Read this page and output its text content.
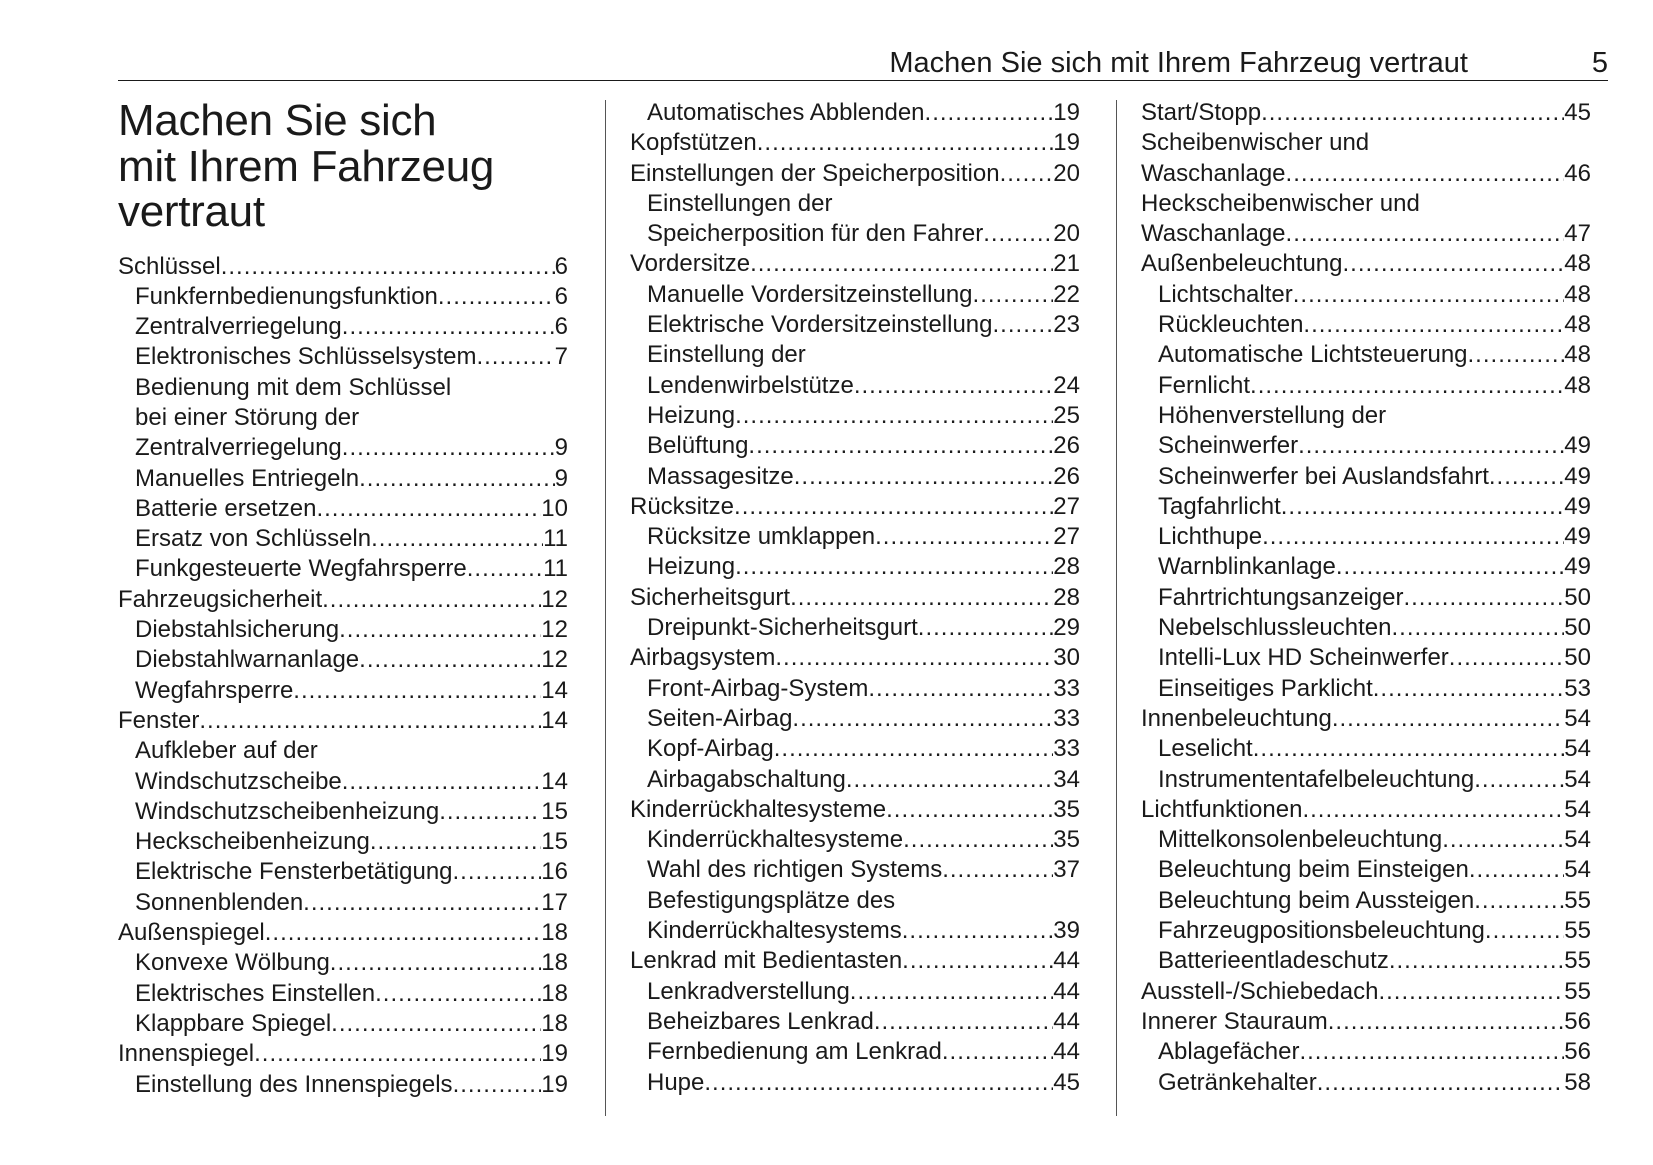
Machen Sie sich mit Ihrem Fahrzeug vertraut	5
Machen Sie sich
mit Ihrem Fahrzeug
vertraut
Schlüssel .....	6
Funkfernbedienungsfunktion .....	6
Zentralverriegelung .....	6
Elektronisches Schlüsselsystem .....	7
Bedienung mit dem Schlüssel
bei einer Störung der
Zentralverriegelung .....	9
Manuelles Entriegeln .....	9
Batterie ersetzen .....	10
Ersatz von Schlüsseln .....	11
Funkgesteuerte Wegfahrsperre .....	11
Fahrzeugsicherheit .....	12
Diebstahlsicherung .....	12
Diebstahlwarnanlage .....	12
Wegfahrsperre .....	14
Fenster .....	14
Aufkleber auf der
Windschutzscheibe .....	14
Windschutzscheibenheizung .....	15
Heckscheibenheizung .....	15
Elektrische Fensterbetätigung .....	16
Sonnenblenden .....	17
Außenspiegel .....	18
Konvexe Wölbung .....	18
Elektrisches Einstellen .....	18
Klappbare Spiegel .....	18
Innenspiegel .....	19
Einstellung des Innenspiegels .....	19
Automatisches Abblenden .....	19
Kopfstützen .....	19
Einstellungen der Speicherposition ..... 20
Einstellungen der
Speicherposition für den Fahrer .....	20
Vordersitze .....	21
Manuelle Vordersitzeinstellung .....	22
Elektrische Vordersitzeinstellung .....	23
Einstellung der
Lendenwirbelstütze .....	24
Heizung .....	25
Belüftung .....	26
Massagesitze .....	26
Rücksitze .....	27
Rücksitze umklappen .....	27
Heizung .....	28
Sicherheitsgurt .....	28
Dreipunkt-Sicherheitsgurt .....	29
Airbagsystem .....	30
Front-Airbag-System .....	33
Seiten-Airbag .....	33
Kopf-Airbag .....	33
Airbagabschaltung .....	34
Kinderrückhaltesysteme .....	35
Kinderrückhaltesysteme .....	35
Wahl des richtigen Systems .....	37
Befestigungsplätze des
Kinderrückhaltesystems .....	39
Lenkrad mit Bedientasten .....	44
Lenkradverstellung .....	44
Beheizbares Lenkrad .....	44
Fernbedienung am Lenkrad .....	44
Hupe .....	45
Start/Stopp .....	45
Scheibenwischer und
Waschanlage .....	46
Heckscheibenwischer und
Waschanlage .....	47
Außenbeleuchtung .....	48
Lichtschalter .....	48
Rückleuchten .....	48
Automatische Lichtsteuerung .....	48
Fernlicht .....	48
Höhenverstellung der
Scheinwerfer .....	49
Scheinwerfer bei Auslandsfahrt .....	49
Tagfahrlicht .....	49
Lichthupe .....	49
Warnblinkanlage .....	49
Fahrtrichtungsanzeiger .....	50
Nebelschlussleuchten .....	50
Intelli-Lux HD Scheinwerfer .....	50
Einseitiges Parklicht .....	53
Innenbeleuchtung .....	54
Leselicht .....	54
Instrumententafelbeleuchtung .....	54
Lichtfunktionen .....	54
Mittelkonsolenbeleuchtung .....	54
Beleuchtung beim Einsteigen .....	54
Beleuchtung beim Aussteigen .....	55
Fahrzeugpositionsbeleuchtung .....	55
Batterieentladeschutz .....	55
Ausstell-/Schiebedach .....	55
Innerer Stauraum .....	56
Ablagefächer .....	56
Getränkehalter .....	58
